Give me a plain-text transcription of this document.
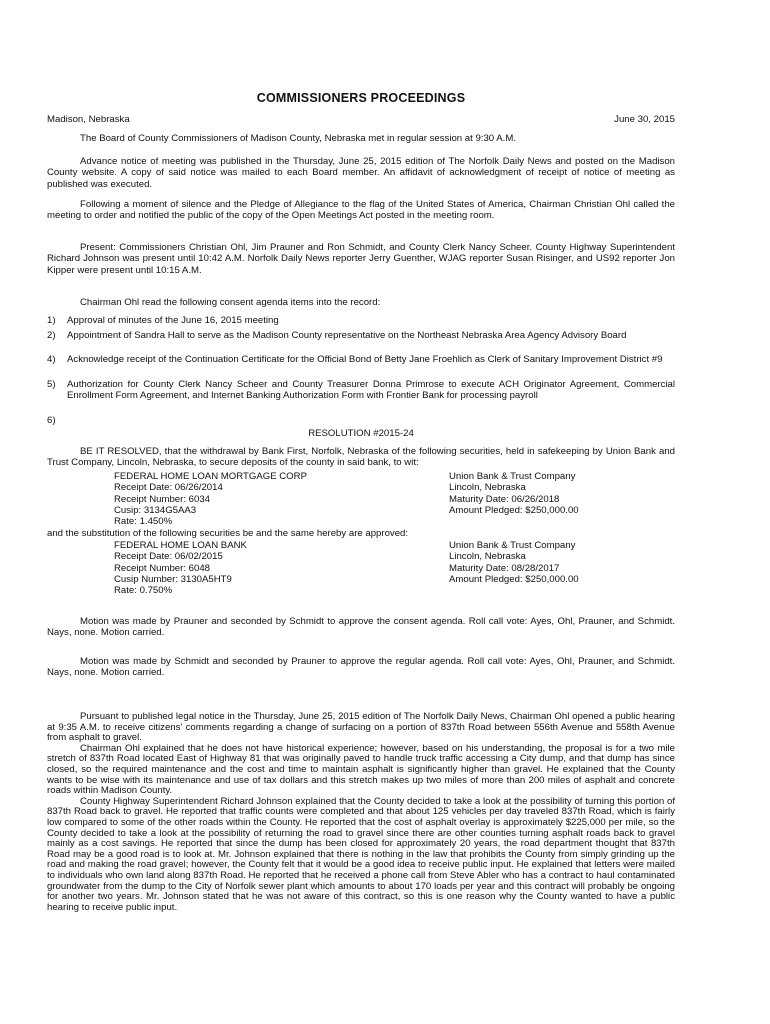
COMMISSIONERS PROCEEDINGS
Madison, Nebraska	June 30, 2015
The Board of County Commissioners of Madison County, Nebraska met in regular session at 9:30 A.M.
Advance notice of meeting was published in the Thursday, June 25, 2015 edition of The Norfolk Daily News and posted on the Madison County website. A copy of said notice was mailed to each Board member. An affidavit of acknowledgment of receipt of notice of meeting as published was executed.
Following a moment of silence and the Pledge of Allegiance to the flag of the United States of America, Chairman Christian Ohl called the meeting to order and notified the public of the copy of the Open Meetings Act posted in the meeting room.
Present: Commissioners Christian Ohl, Jim Prauner and Ron Schmidt, and County Clerk Nancy Scheer. County Highway Superintendent Richard Johnson was present until 10:42 A.M. Norfolk Daily News reporter Jerry Guenther, WJAG reporter Susan Risinger, and US92 reporter Jon Kipper were present until 10:15 A.M.
Chairman Ohl read the following consent agenda items into the record:
1)	Approval of minutes of the June 16, 2015 meeting
2)	Appointment of Sandra Hall to serve as the Madison County representative on the Northeast Nebraska Area Agency Advisory Board
4)	Acknowledge receipt of the Continuation Certificate for the Official Bond of Betty Jane Froehlich as Clerk of Sanitary Improvement District #9
5)	Authorization for County Clerk Nancy Scheer and County Treasurer Donna Primrose to execute ACH Originator Agreement, Commercial Enrollment Form Agreement, and Internet Banking Authorization Form with Frontier Bank for processing payroll
6)
RESOLUTION #2015-24
BE IT RESOLVED, that the withdrawal by Bank First, Norfolk, Nebraska of the following securities, held in safekeeping by Union Bank and Trust Company, Lincoln, Nebraska, to secure deposits of the county in said bank, to wit:
FEDERAL HOME LOAN MORTGAGE CORP	Union Bank & Trust Company
Receipt Date: 06/26/2014	Lincoln, Nebraska
Receipt Number: 6034	Maturity Date: 06/26/2018
Cusip: 3134G5AA3	Amount Pledged: $250,000.00
Rate: 1.450%
and the substitution of the following securities be and the same hereby are approved:
FEDERAL HOME LOAN BANK	Union Bank & Trust Company
Receipt Date: 06/02/2015	Lincoln, Nebraska
Receipt Number: 6048	Maturity Date: 08/28/2017
Cusip Number: 3130A5HT9	Amount Pledged: $250,000.00
Rate: 0.750%
Motion was made by Prauner and seconded by Schmidt to approve the consent agenda. Roll call vote: Ayes, Ohl, Prauner, and Schmidt. Nays, none. Motion carried.
Motion was made by Schmidt and seconded by Prauner to approve the regular agenda. Roll call vote: Ayes, Ohl, Prauner, and Schmidt. Nays, none. Motion carried.
Pursuant to published legal notice in the Thursday, June 25, 2015 edition of The Norfolk Daily News, Chairman Ohl opened a public hearing at 9:35 A.M. to receive citizens' comments regarding a change of surfacing on a portion of 837th Road between 556th Avenue and 558th Avenue from asphalt to gravel.
Chairman Ohl explained that he does not have historical experience; however, based on his understanding, the proposal is for a two mile stretch of 837th Road located East of Highway 81 that was originally paved to handle truck traffic accessing a City dump, and that dump has since closed, so the required maintenance and the cost and time to maintain asphalt is significantly higher than gravel. He explained that the County wants to be wise with its maintenance and use of tax dollars and this stretch makes up two miles of more than 200 miles of asphalt and concrete roads within Madison County.
County Highway Superintendent Richard Johnson explained that the County decided to take a look at the possibility of turning this portion of 837th Road back to gravel. He reported that traffic counts were completed and that about 125 vehicles per day traveled 837th Road, which is fairly low compared to some of the other roads within the County. He reported that the cost of asphalt overlay is approximately $225,000 per mile, so the County decided to take a look at the possibility of returning the road to gravel since there are other counties turning asphalt roads back to gravel mainly as a cost savings. He reported that since the dump has been closed for approximately 20 years, the road department thought that 837th Road may be a good road is to look at. Mr. Johnson explained that there is nothing in the law that prohibits the County from simply grinding up the road and making the road gravel; however, the County felt that it would be a good idea to receive public input. He explained that letters were mailed to individuals who own land along 837th Road. He reported that he received a phone call from Steve Abler who has a contract to haul contaminated groundwater from the dump to the City of Norfolk sewer plant which amounts to about 170 loads per year and this contract will probably be ongoing for another two years. Mr. Johnson stated that he was not aware of this contract, so this is one reason why the County wanted to have a public hearing to receive public input.
